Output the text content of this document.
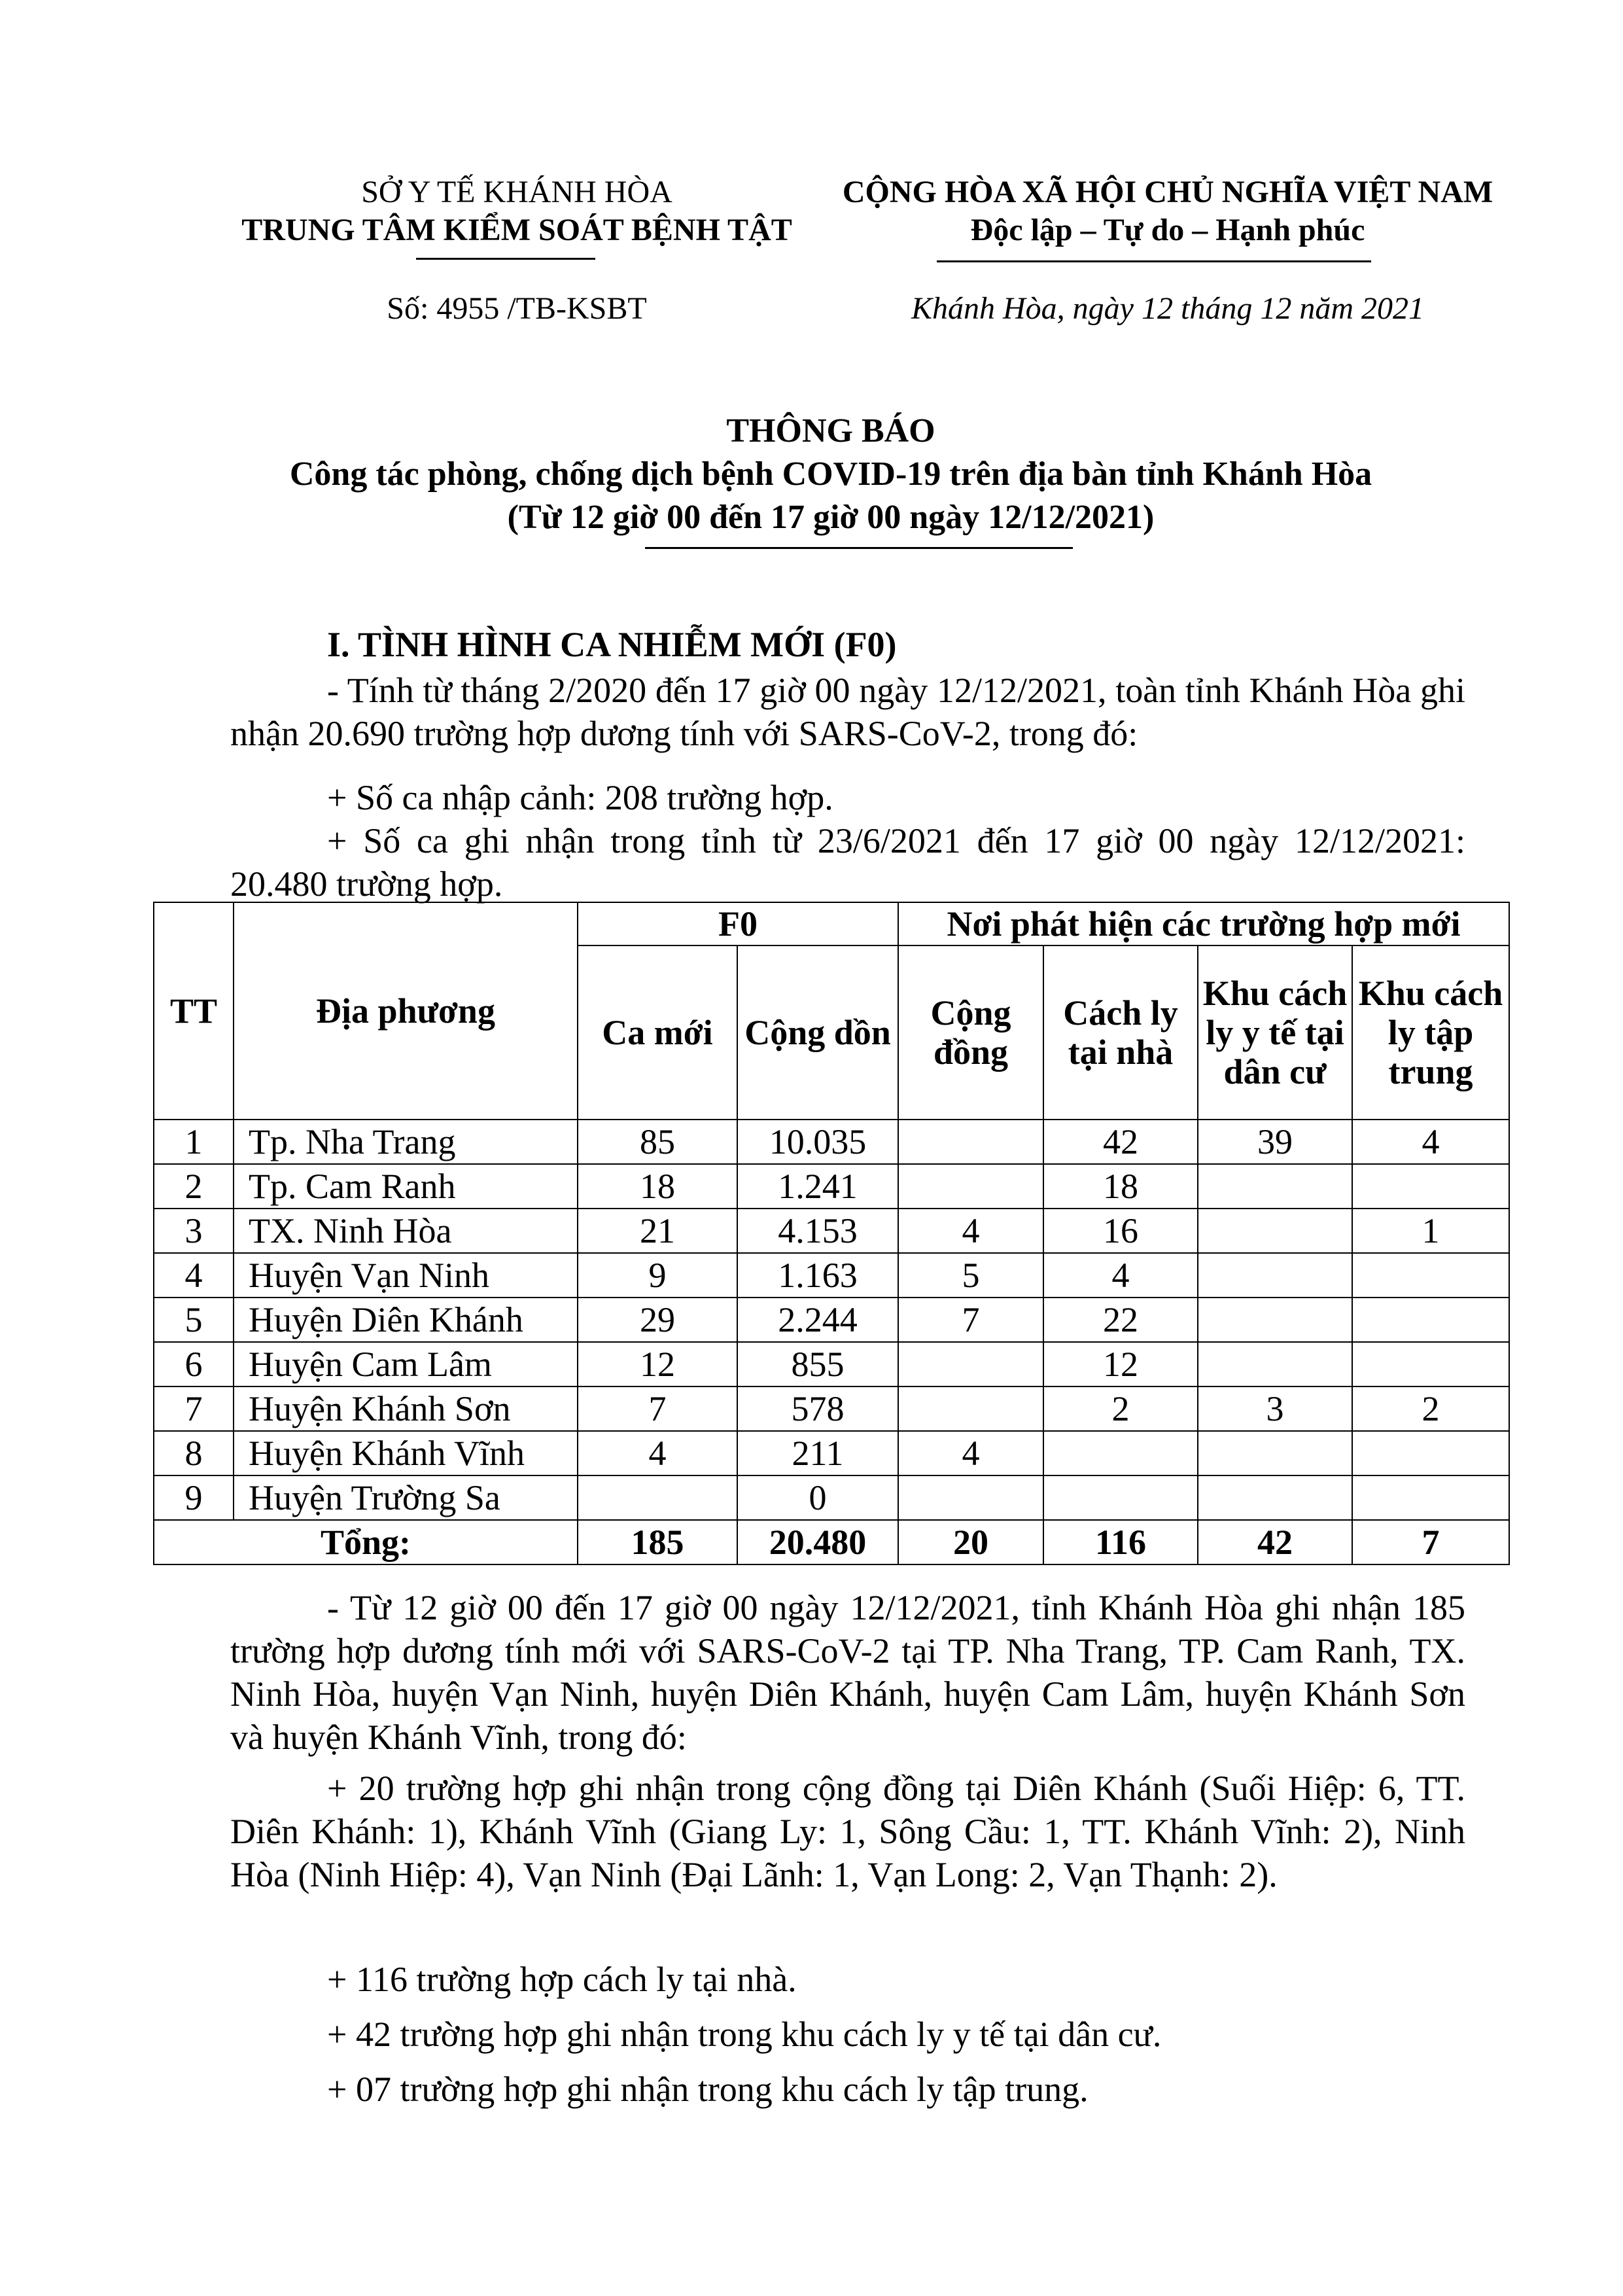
SỞ Y TẾ KHÁNH HÒA
TRUNG TÂM KIỂM SOÁT BỆNH TẬT
CỘNG HÒA XÃ HỘI CHỦ NGHĨA VIỆT NAM
Độc lập – Tự do – Hạnh phúc
Số: 4955 /TB-KSBT	Khánh Hòa, ngày 12 tháng 12 năm 2021
THÔNG BÁO
Công tác phòng, chống dịch bệnh COVID-19 trên địa bàn tỉnh Khánh Hòa
(Từ 12 giờ 00 đến 17 giờ 00 ngày 12/12/2021)
I. TÌNH HÌNH CA NHIỄM MỚI (F0)
- Tính từ tháng 2/2020 đến 17 giờ 00 ngày 12/12/2021, toàn tỉnh Khánh Hòa ghi nhận 20.690 trường hợp dương tính với SARS-CoV-2, trong đó:
+ Số ca nhập cảnh: 208 trường hợp.
+ Số ca ghi nhận trong tỉnh từ 23/6/2021 đến 17 giờ 00 ngày 12/12/2021: 20.480 trường hợp.
TT	Địa phương	F0		Nơi phát hiện các trường hợp mới			
		Ca mới	Cộng dồn	Cộng đồng	Cách ly tại nhà	Khu cách ly y tế tại dân cư	Khu cách ly tập trung
1	Tp. Nha Trang	85	10.035		42	39	4
2	Tp. Cam Ranh	18	1.241		18		
3	TX. Ninh Hòa	21	4.153	4	16		1
4	Huyện Vạn Ninh	9	1.163	5	4		
5	Huyện Diên Khánh	29	2.244	7	22		
6	Huyện Cam Lâm	12	855		12		
7	Huyện Khánh Sơn	7	578		2	3	2
8	Huyện Khánh Vĩnh	4	211	4			
9	Huyện Trường Sa		0				
Tổng:		185	20.480	20	116	42	7
- Từ 12 giờ 00 đến 17 giờ 00 ngày 12/12/2021, tỉnh Khánh Hòa ghi nhận 185 trường hợp dương tính mới với SARS-CoV-2 tại TP. Nha Trang, TP. Cam Ranh, TX. Ninh Hòa, huyện Vạn Ninh, huyện Diên Khánh, huyện Cam Lâm, huyện Khánh Sơn và huyện Khánh Vĩnh, trong đó:
+ 20 trường hợp ghi nhận trong cộng đồng tại Diên Khánh (Suối Hiệp: 6, TT. Diên Khánh: 1), Khánh Vĩnh (Giang Ly: 1, Sông Cầu: 1, TT. Khánh Vĩnh: 2), Ninh Hòa (Ninh Hiệp: 4), Vạn Ninh (Đại Lãnh: 1, Vạn Long: 2, Vạn Thạnh: 2).
+ 116 trường hợp cách ly tại nhà.
+ 42 trường hợp ghi nhận trong khu cách ly y tế tại dân cư.
+ 07 trường hợp ghi nhận trong khu cách ly tập trung.
